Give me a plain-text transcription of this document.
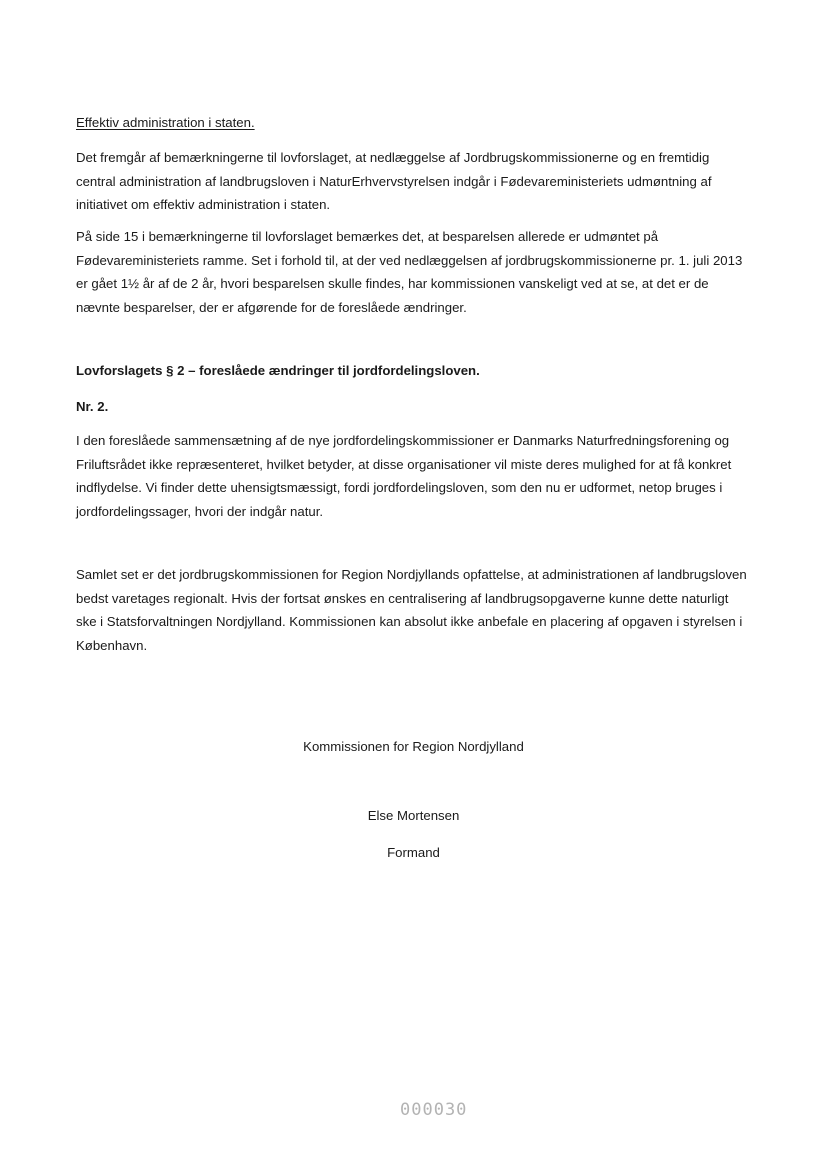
Effektiv administration i staten.

Det fremgår af bemærkningerne til lovforslaget, at nedlæggelse af Jordbrugskommissionerne og en fremtidig central administration af landbrugsloven i NaturErhvervstyrelsen indgår i Fødevareministeriets udmøntning af initiativet om effektiv administration i staten.

På side 15 i bemærkningerne til lovforslaget bemærkes det, at besparelsen allerede er udmøntet på Fødevareministeriets ramme. Set i forhold til, at der ved nedlæggelsen af jordbrugskommissionerne pr. 1. juli 2013 er gået 1½ år af de 2 år, hvori besparelsen skulle findes, har kommissionen vanskeligt ved at se, at det er de nævnte besparelser, der er afgørende for de foreslåede ændringer.

Lovforslagets § 2 – foreslåede ændringer til jordfordelingsloven.

Nr. 2.

I den foreslåede sammensætning af de nye jordfordelingskommissioner er Danmarks Naturfredningsforening og Friluftsrådet ikke repræsenteret, hvilket betyder, at disse organisationer vil miste deres mulighed for at få konkret indflydelse. Vi finder dette uhensigtsmæssigt, fordi jordfordelingsloven, som den nu er udformet, netop bruges i jordfordelingssager, hvori der indgår natur.

Samlet set er det jordbrugskommissionen for Region Nordjyllands opfattelse, at administrationen af landbrugsloven bedst varetages regionalt. Hvis der fortsat ønskes en centralisering af landbrugsopgaverne kunne dette naturligt ske i Statsforvaltningen Nordjylland. Kommissionen kan absolut ikke anbefale en placering af opgaven i styrelsen i København.

Kommissionen for Region Nordjylland
Else Mortensen
Formand
000030
